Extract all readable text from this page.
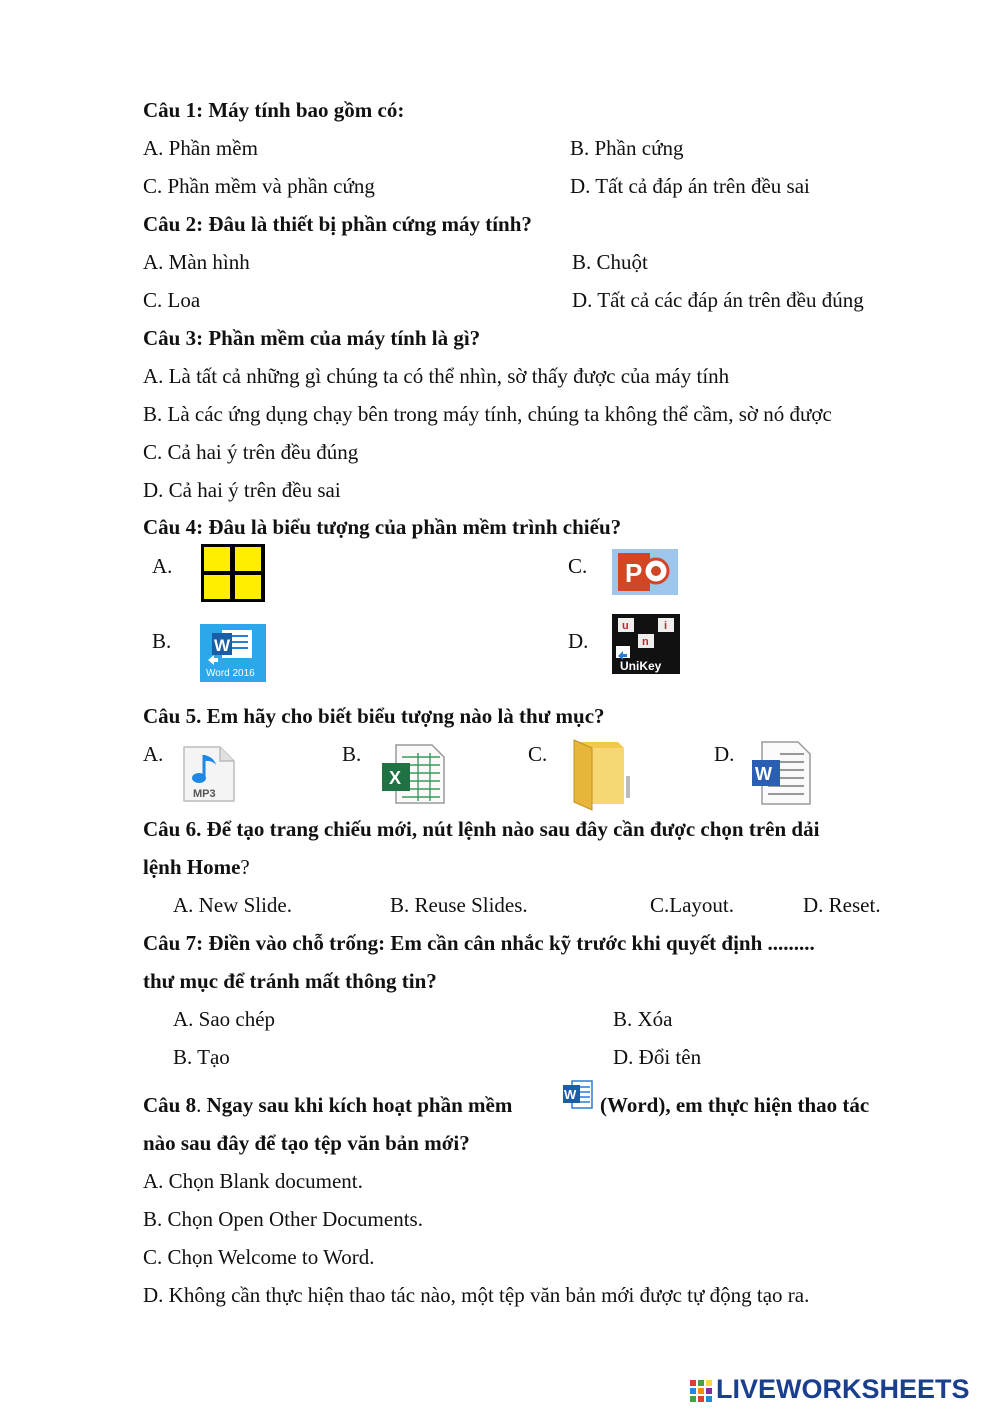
Câu 1: Máy tính bao gồm có:
A. Phần mềm	B. Phần cứng
C. Phần mềm và phần cứng	D. Tất cả đáp án trên đều sai
Câu 2: Đâu là thiết bị phần cứng máy tính?
A. Màn hình	B. Chuột
C. Loa	D. Tất cả các đáp án trên đều đúng
Câu 3: Phần mềm của máy tính là gì?
A. Là tất cả những gì chúng ta có thể nhìn, sờ thấy được của máy tính
B. Là các ứng dụng chạy bên trong máy tính, chúng ta không thể cầm, sờ nó được
C. Cả hai ý trên đều đúng
D. Cả hai ý trên đều sai
Câu 4: Đâu là biểu tượng của phần mềm trình chiếu?
A.	C.
B.	D.
P
W
Word 2016
u	i
n
UniKey
Câu 5. Em hãy cho biết biểu tượng nào là thư mục?
A.	B.	C.	D.
MP3
X	W
Câu 6. Để tạo trang chiếu mới, nút lệnh nào sau đây cần được chọn trên dải
lệnh Home?
A. New Slide.	B. Reuse Slides.	C.Layout.	D. Reset.
Câu 7: Điền vào chỗ trống: Em cần cân nhắc kỹ trước khi quyết định .........
thư mục để tránh mất thông tin?
A. Sao chép	B. Xóa
B. Tạo	D. Đổi tên
Câu 8. Ngay sau khi kích hoạt phần mềm	W (Word), em thực hiện thao tác
nào sau đây để tạo tệp văn bản mới?
A. Chọn Blank document.
B. Chọn Open Other Documents.
C. Chọn Welcome to Word.
D. Không cần thực hiện thao tác nào, một tệp văn bản mới được tự động tạo ra.
LIVEWORKSHEETS
